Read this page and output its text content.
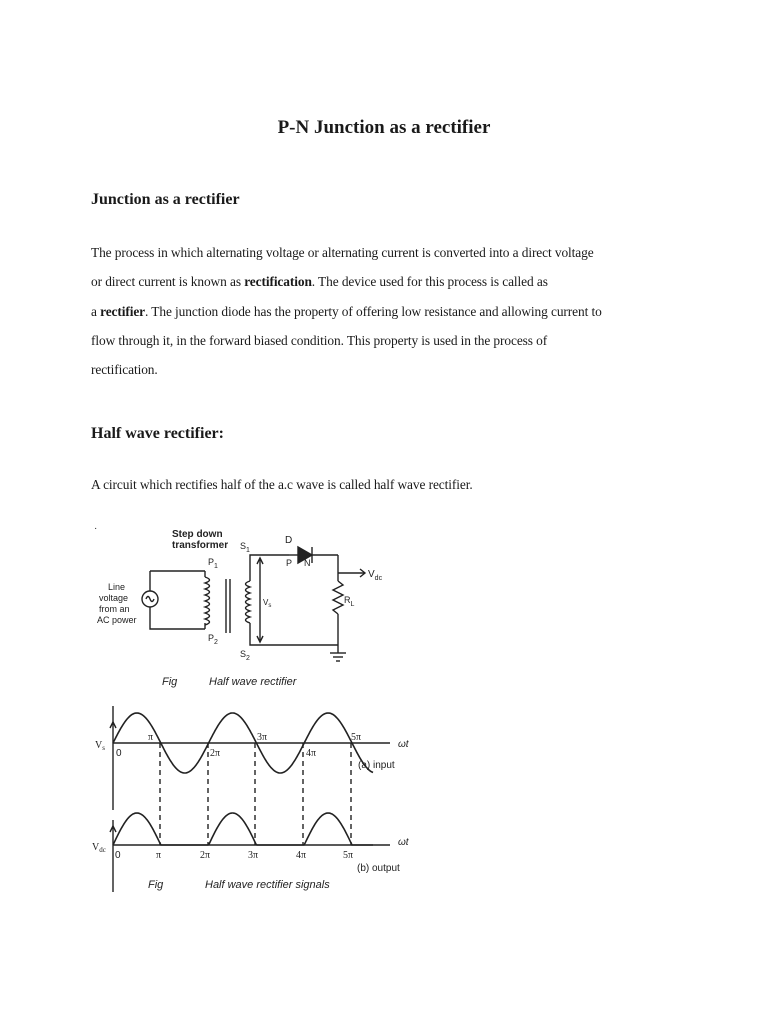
P-N Junction as a rectifier
Junction as a rectifier
The process in which alternating voltage or alternating current is converted into a direct voltage
or direct current is known as rectification. The device used for this process is called as
a rectifier. The junction diode has the property of offering low resistance and allowing current to
flow through it, in the forward biased condition. This property is used in the process of
rectification.
Half wave rectifier:
A circuit which rectifies half of the a.c wave is called half wave rectifier.
·
Step down
transformer
Line
voltage
from an
AC power
$S_1$
$P_1$
$P_2$
$S_2$
D
P N
$V_{dc}$
$R_L$
$V_s$
Fig	Half wave rectifier
$V_s$ 0
π
2π
3π
4π
5π
ωt
(a) input
$V_{dc}$ 0	π	2π	3π	4π	5π
ωt
(b) output
Fig	Half wave rectifier signals
